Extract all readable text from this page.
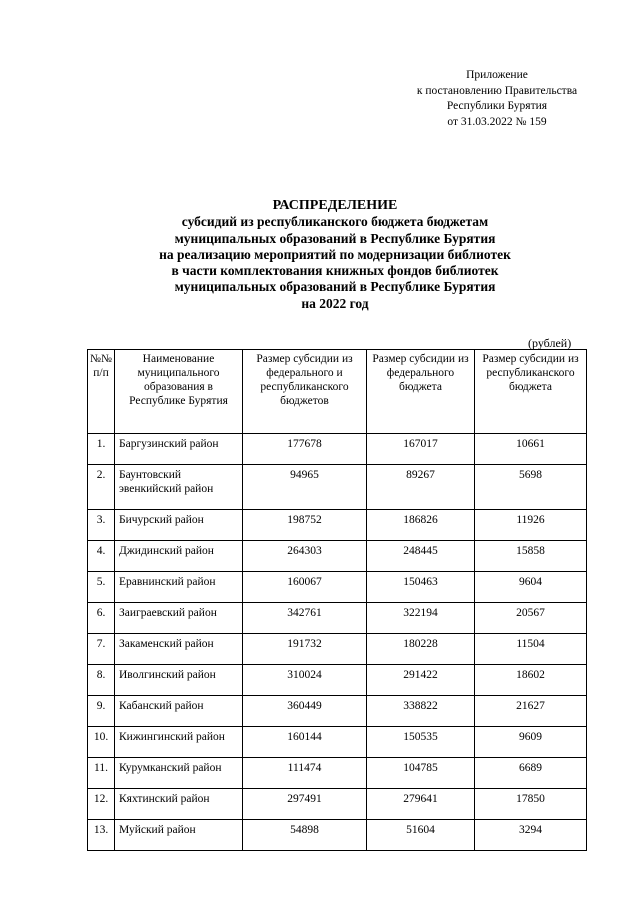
Приложение
к постановлению Правительства
Республики Бурятия
от 31.03.2022 № 159
РАСПРЕДЕЛЕНИЕ
субсидий из республиканского бюджета бюджетам
муниципальных образований в Республике Бурятия
на реализацию мероприятий по модернизации библиотек
в части комплектования книжных фондов библиотек
муниципальных образований в Республике Бурятия
на 2022 год
(рублей)
№№ п/п	Наименование муниципального образования в Республике Бурятия	Размер субсидии из федерального и республиканского бюджетов	Размер субсидии из федерального бюджета	Размер субсидии из республиканского бюджета
1.	Баргузинский район	177678	167017	10661
2.	Баунтовский эвенкийский район	94965	89267	5698
3.	Бичурский район	198752	186826	11926
4.	Джидинский район	264303	248445	15858
5.	Еравнинский район	160067	150463	9604
6.	Заиграевский район	342761	322194	20567
7.	Закаменский район	191732	180228	11504
8.	Иволгинский район	310024	291422	18602
9.	Кабанский район	360449	338822	21627
10.	Кижингинский район	160144	150535	9609
11.	Курумканский район	111474	104785	6689
12.	Кяхтинский район	297491	279641	17850
13.	Муйский район	54898	51604	3294
